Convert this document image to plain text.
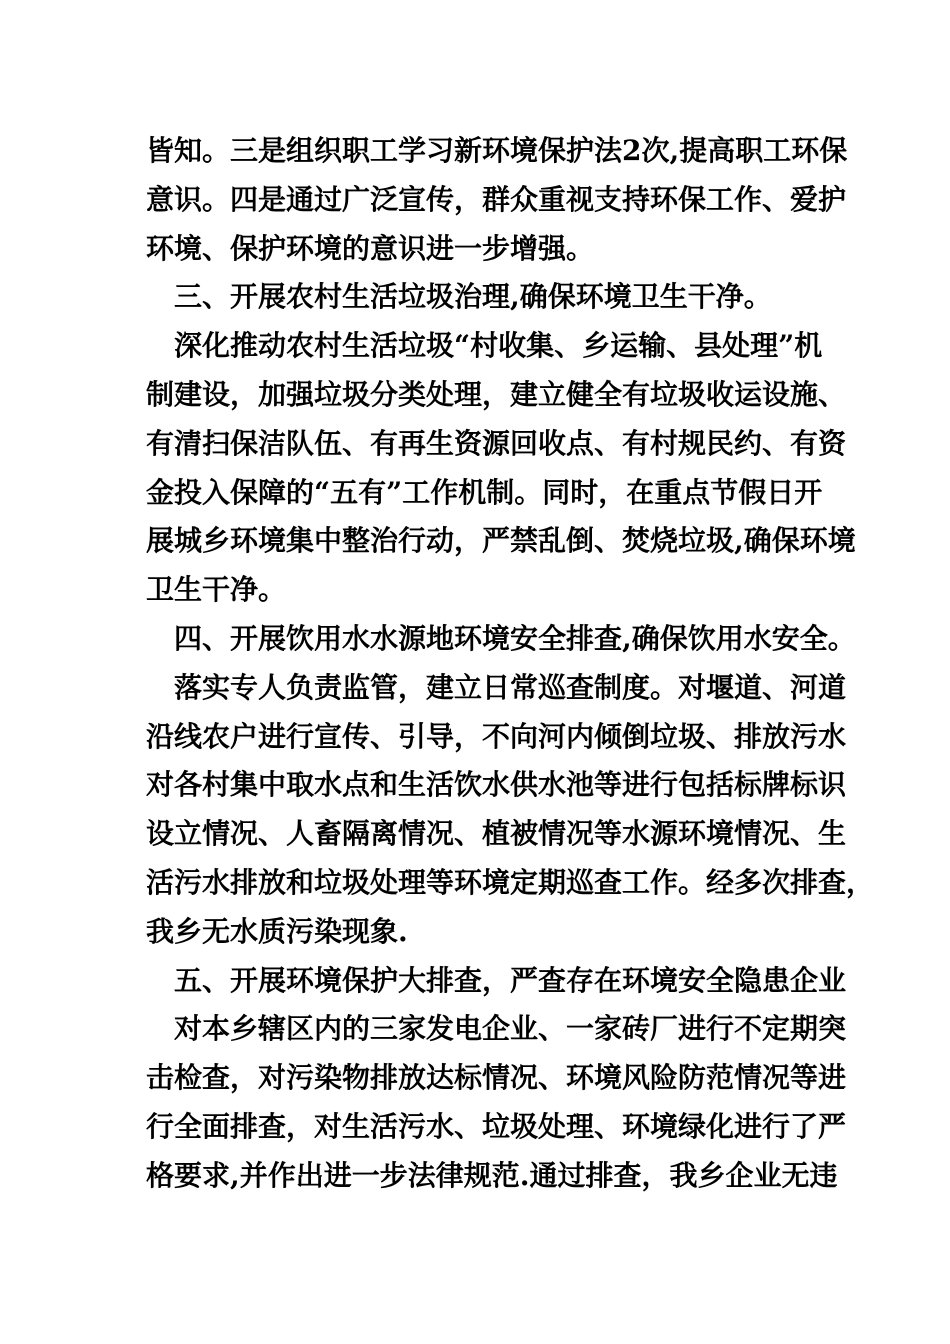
皆知。三是组织职工学习新环境保护法2次,提高职工环保
意识。四是通过广泛宣传，群众重视支持环保工作、爱护
环境、保护环境的意识进一步增强。
三、开展农村生活垃圾治理,确保环境卫生干净。
深化推动农村生活垃圾“村收集、乡运输、县处理”机
制建设，加强垃圾分类处理，建立健全有垃圾收运设施、
有清扫保洁队伍、有再生资源回收点、有村规民约、有资
金投入保障的“五有”工作机制。同时，在重点节假日开
展城乡环境集中整治行动，严禁乱倒、焚烧垃圾,确保环境
卫生干净。
四、开展饮用水水源地环境安全排查,确保饮用水安全。
落实专人负责监管，建立日常巡查制度。对堰道、河道
沿线农户进行宣传、引导，不向河内倾倒垃圾、排放污水
对各村集中取水点和生活饮水供水池等进行包括标牌标识
设立情况、人畜隔离情况、植被情况等水源环境情况、生
活污水排放和垃圾处理等环境定期巡查工作。经多次排查，
我乡无水质污染现象.
五、开展环境保护大排查，严查存在环境安全隐患企业
对本乡辖区内的三家发电企业、一家砖厂进行不定期突
击检查，对污染物排放达标情况、环境风险防范情况等进
行全面排查，对生活污水、垃圾处理、环境绿化进行了严
格要求,并作出进一步法律规范.通过排查，我乡企业无违
